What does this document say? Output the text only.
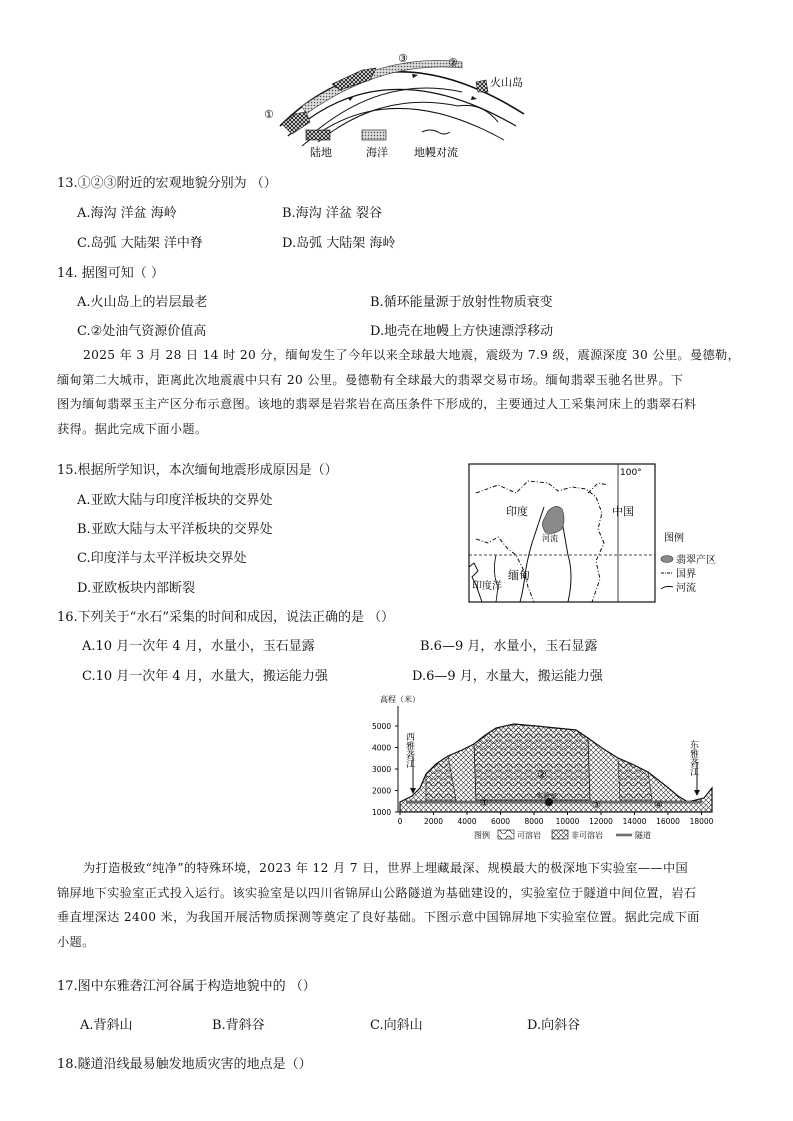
①
③	②
火山岛
陆地	海洋 地幔对流
13.①②③附近的宏观地貌分别为 （）
A.海沟 洋盆 海岭	B.海沟 洋盆 裂谷
C.岛弧 大陆架 洋中脊	D.岛弧 大陆架 海岭
14. 据图可知（ ）
A.火山岛上的岩层最老	B.循环能量源于放射性物质衰变
C.②处油气资源价值高	D.地壳在地幔上方快速漂浮移动
2025 年 3 月 28 日 14 时 20 分，缅甸发生了今年以来全球最大地震，震级为 7.9 级，震源深度 30 公里。曼德勒，
缅甸第二大城市，距离此次地震震中只有 20 公里。曼德勒有全球最大的翡翠交易市场。缅甸翡翠玉驰名世界。下
图为缅甸翡翠玉主产区分布示意图。该地的翡翠是岩浆岩在高压条件下形成的，主要通过人工采集河床上的翡翠石料
获得。据此完成下面小题。
15.根据所学知识，本次缅甸地震形成原因是（）
A.亚欧大陆与印度洋板块的交界处
B.亚欧大陆与太平洋板块的交界处
C.印度洋与太平洋板块交界处
D.亚欧板块内部断裂
100°
印度	中国
缅甸
印度洋
河流	图例
翡翠产区
国界
河流
16.下列关于“水石”采集的时间和成因，说法正确的是 （）
A.10 月一次年 4 月，水量小，玉石显露	B.6—9 月，水量小，玉石显露
C.10 月一次年 4 月，水量大，搬运能力强	D.6—9 月，水量大，搬运能力强
高程（米）
5000
4000
3000
2000
1000
0	2000 4000 6000 8000 10000 12000 14000 16000 18000
西雅砻江	东雅砻江
实验室
①
②
③	④
图例	可溶岩	非可溶岩	隧道
为打造极致“纯净”的特殊环境，2023 年 12 月 7 日，世界上埋藏最深、规模最大的极深地下实验室——中国
锦屏地下实验室正式投入运行。该实验室是以四川省锦屏山公路隧道为基础建设的，实验室位于隧道中间位置，岩石
垂直埋深达 2400 米，为我国开展活物质探测等奠定了良好基础。下图示意中国锦屏地下实验室位置。据此完成下面
小题。
17.图中东雅砻江河谷属于构造地貌中的 （）
A.背斜山	B.背斜谷	C.向斜山	D.向斜谷
18.隧道沿线最易触发地质灾害的地点是（）
